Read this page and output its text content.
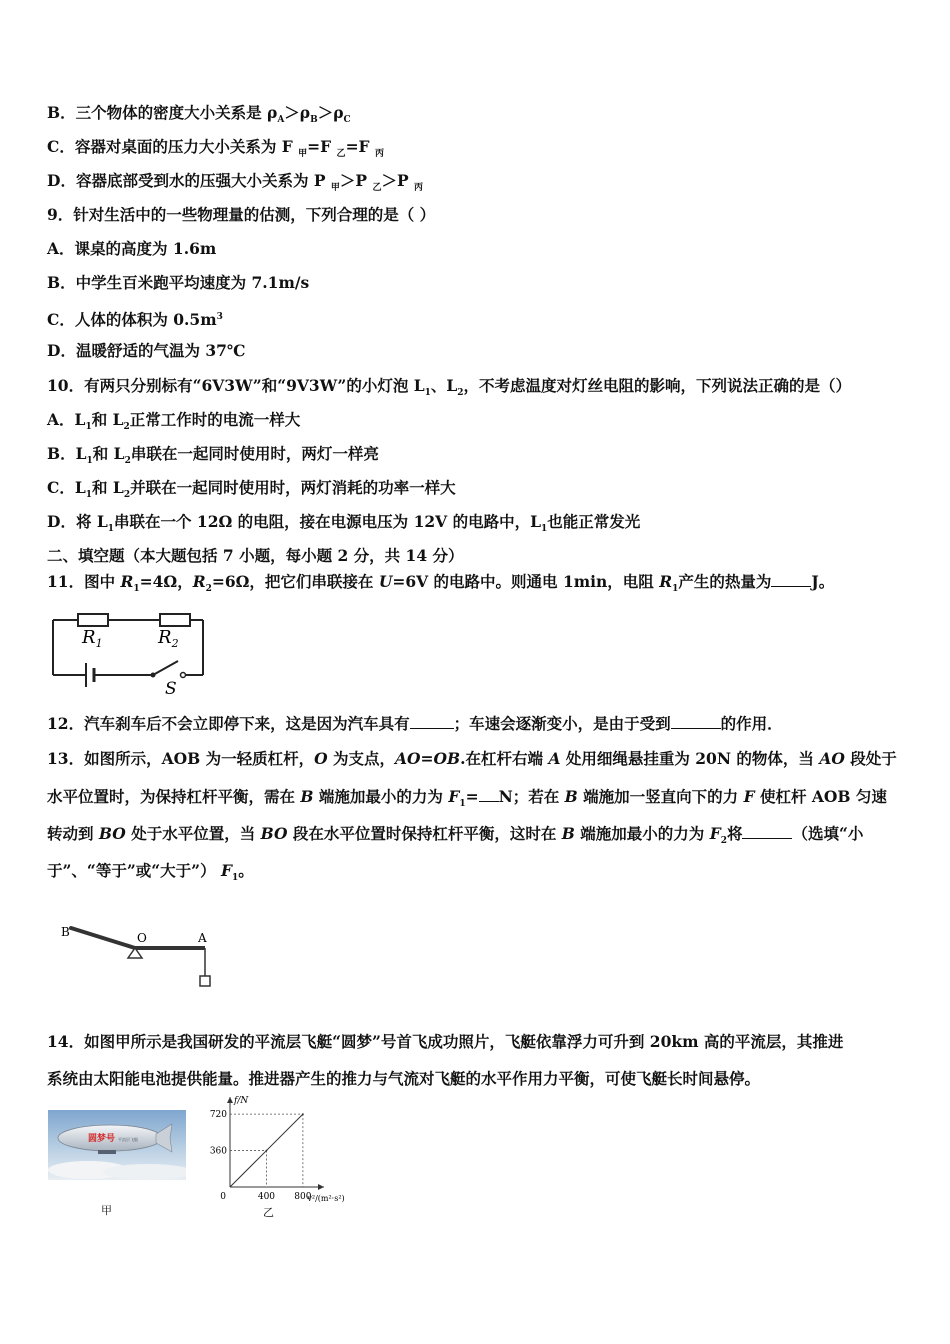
B．三个物体的密度大小关系是 $\rho_A>\rho_B>\rho_C$
C．容器对桌面的压力大小关系为 F $_甲$=F $_乙$=F $_丙$
D．容器底部受到水的压强大小关系为 P $_甲$＞P $_乙$＞P $_丙$
9．针对生活中的一些物理量的估测，下列合理的是（ ）
A．课桌的高度为 1.6m
B．中学生百米跑平均速度为 7.1m/s
C．人体的体积为 $0.5m^3$
D．温暖舒适的气温为 37℃
10．有两只分别标有“6V3W”和“9V3W”的小灯泡 $L_1$、$L_2$，不考虑温度对灯丝电阻的影响，下列说法正确的是（）
A．$L_1$和 $L_2$正常工作时的电流一样大
B．$L_1$和 $L_2$串联在一起同时使用时，两灯一样亮
C．$L_1$和 $L_2$并联在一起同时使用时，两灯消耗的功率一样大
D．将 $L_1$串联在一个 12Ω 的电阻，接在电源电压为 12V 的电路中，$L_1$也能正常发光
二、填空题（本大题包括 7 小题，每小题 2 分，共 14 分）
11．图中 $R_1=4\Omega$，$R_2=6\Omega$，把它们串联接在 U=6V 的电路中。则通电 1min，电阻 $R_1$产生的热量为	J。
$R_1$	$R_2$
S
12．汽车刹车后不会立即停下来，这是因为汽车具有	；车速会逐渐变小，是由于受到	的作用．
13．如图所示，AOB 为一轻质杠杆，O 为支点，AO=OB.在杠杆右端 A 处用细绳悬挂重为 20N 的物体，当 AO 段处于
水平位置时，为保持杠杆平衡，需在 B 端施加最小的力为 $F_1= N$；若在 B 端施加一竖直向下的力 F 使杠杆 AOB 匀速
转动到 BO 处于水平位置，当 BO 段在水平位置时保持杠杆平衡，这时在 B 端施加最小的力为 $F_2$将	（选填“小
于”、“等于”或“大于”） $F_1$。
B	O	A
14．如图甲所示是我国研发的平流层飞艇“圆梦”号首飞成功照片，飞艇依靠浮力可升到 20km 高的平流层，其推进
系统由太阳能电池提供能量。推进器产生的推力与气流对飞艇的水平作用力平衡，可使飞艇长时间悬停。
圆梦号 平流层飞艇
甲
400 800
360
720
0
f/N
v²/(m²·s²)
乙
